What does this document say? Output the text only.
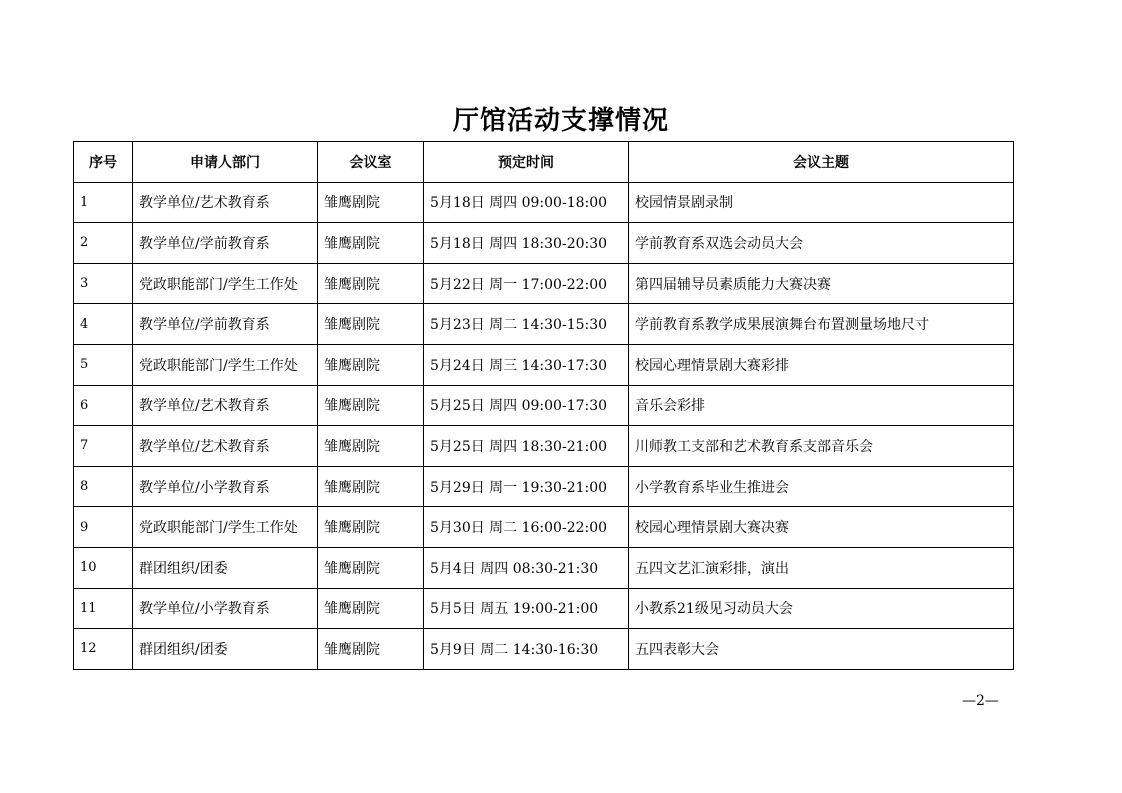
厅馆活动支撑情况
序号	申请人部门	会议室	预定时间	会议主题
1	教学单位/艺术教育系	雏鹰剧院	5月18日 周四 09:00-18:00	校园情景剧录制
2	教学单位/学前教育系	雏鹰剧院	5月18日 周四 18:30-20:30	学前教育系双选会动员大会
3	党政职能部门/学生工作处	雏鹰剧院	5月22日 周一 17:00-22:00	第四届辅导员素质能力大赛决赛
4	教学单位/学前教育系	雏鹰剧院	5月23日 周二 14:30-15:30	学前教育系教学成果展演舞台布置测量场地尺寸
5	党政职能部门/学生工作处	雏鹰剧院	5月24日 周三 14:30-17:30	校园心理情景剧大赛彩排
6	教学单位/艺术教育系	雏鹰剧院	5月25日 周四 09:00-17:30	音乐会彩排
7	教学单位/艺术教育系	雏鹰剧院	5月25日 周四 18:30-21:00	川师教工支部和艺术教育系支部音乐会
8	教学单位/小学教育系	雏鹰剧院	5月29日 周一 19:30-21:00	小学教育系毕业生推进会
9	党政职能部门/学生工作处	雏鹰剧院	5月30日 周二 16:00-22:00	校园心理情景剧大赛决赛
10	群团组织/团委	雏鹰剧院	5月4日 周四 08:30-21:30	五四文艺汇演彩排，演出
11	教学单位/小学教育系	雏鹰剧院	5月5日 周五 19:00-21:00	小教系21级见习动员大会
12	群团组织/团委	雏鹰剧院	5月9日 周二 14:30-16:30	五四表彰大会
—2—
